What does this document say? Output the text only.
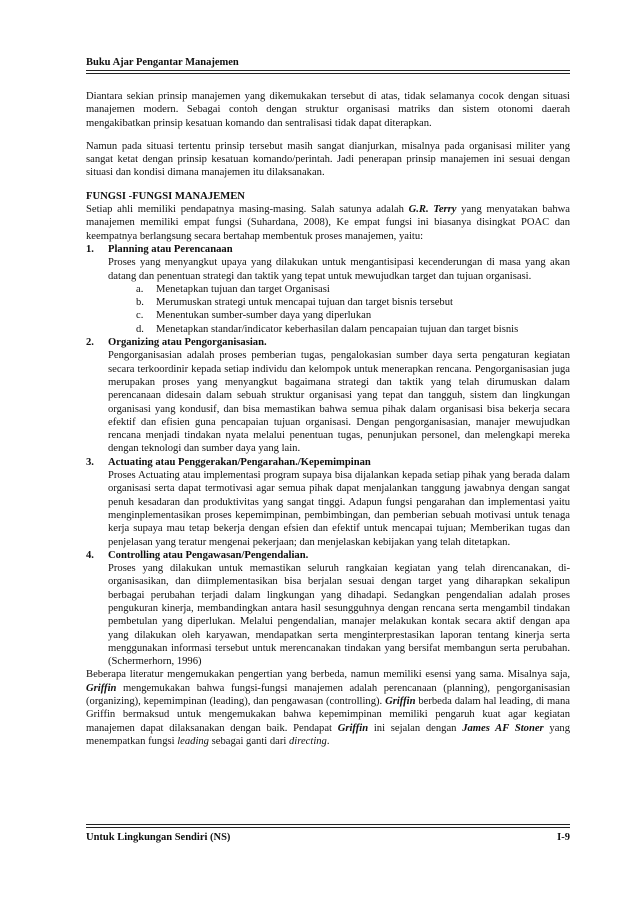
Buku Ajar Pengantar Manajemen

Diantara sekian prinsip manajemen yang dikemukakan tersebut di atas, tidak selamanya cocok dengan situasi manajemen modern. Sebagai contoh dengan struktur organisasi matriks dan sistem otonomi daerah mengakibatkan prinsip kesatuan komando dan sentralisasi tidak dapat diterapkan.

Namun pada situasi tertentu prinsip tersebut masih sangat dianjurkan, misalnya pada organisasi militer yang sangat ketat dengan prinsip kesatuan komando/perintah. Jadi penerapan prinsip manajemen ini sesuai dengan situasi dan kondisi dimana manajemen itu dilaksanakan.

FUNGSI -FUNGSI MANAJEMEN
Setiap ahli memiliki pendapatnya masing-masing. Salah satunya adalah G.R. Terry yang menyatakan bahwa manajemen memiliki empat fungsi (Suhardana, 2008), Ke empat fungsi ini biasanya disingkat POAC dan keempatnya berlangsung secara bertahap membentuk proses manajemen, yaitu:
1. Planning atau Perencanaan
Proses yang menyangkut upaya yang dilakukan untuk mengantisipasi kecenderungan di masa yang akan datang dan penentuan strategi dan taktik yang tepat untuk mewujudkan target dan tujuan organisasi.
a. Menetapkan tujuan dan target Organisasi
b. Merumuskan strategi untuk mencapai tujuan dan target bisnis tersebut
c. Menentukan sumber-sumber daya yang diperlukan
d. Menetapkan standar/indicator keberhasilan dalam pencapaian tujuan dan target bisnis
2. Organizing atau Pengorganisasian.
Pengorganisasian adalah proses pemberian tugas, pengalokasian sumber daya serta pengaturan kegiatan secara terkoordinir kepada setiap individu dan kelompok untuk menerapkan rencana. Pengorganisasian juga merupakan proses yang menyangkut bagaimana strategi dan taktik yang telah dirumuskan dalam perencanaan didesain dalam sebuah struktur organisasi yang tepat dan tangguh, sistem dan lingkungan organisasi yang kondusif, dan bisa memastikan bahwa semua pihak dalam organisasi bisa bekerja secara efektif dan efisien guna pencapaian tujuan organisasi. Dengan pengorganisasian, manajer mewujudkan rencana menjadi tindakan nyata melalui penentuan tugas, penunjukan personel, dan melengkapi mereka dengan teknologi dan sumber daya yang lain.
3. Actuating atau Penggerakan/Pengarahan./Kepemimpinan
Proses Actuating atau implementasi program supaya bisa dijalankan kepada setiap pihak yang berada dalam organisasi serta dapat termotivasi agar semua pihak dapat menjalankan tanggung jawabnya dengan sangat penuh kesadaran dan produktivitas yang sangat tinggi. Adapun fungsi pengarahan dan implementasi yaitu menginplementasikan proses kepemimpinan, pembimbingan, dan pemberian sebuah motivasi untuk tenaga kerja supaya mau tetap bekerja dengan efsien dan efektif untuk mencapai tujuan; Memberikan tugas dan penjelasan yang teratur mengenai pekerjaan; dan menjelaskan kebijakan yang telah ditetapkan.
4. Controlling atau Pengawasan/Pengendalian.
Proses yang dilakukan untuk memastikan seluruh rangkaian kegiatan yang telah direncanakan, di-organisasikan, dan diimplementasikan bisa berjalan sesuai dengan target yang diharapkan sekalipun berbagai perubahan terjadi dalam lingkungan yang dihadapi. Sedangkan pengendalian adalah proses pengukuran kinerja, membandingkan antara hasil sesungguhnya dengan rencana serta mengambil tindakan pembetulan yang diperlukan. Melalui pengendalian, manajer melakukan kontak secara aktif dengan apa yang dilakukan oleh karyawan, mendapatkan serta menginterprestasikan laporan tentang kinerja serta menggunakan informasi tersebut untuk merencanakan tindakan yang bersifat membangun serta perubahan. (Schermerhorn, 1996)

Beberapa literatur mengemukakan pengertian yang berbeda, namun memiliki esensi yang sama. Misalnya saja, Griffin mengemukakan bahwa fungsi-fungsi manajemen adalah perencanaan (planning), pengorganisasian (organizing), kepemimpinan (leading), dan pengawasan (controlling). Griffin berbeda dalam hal leading, di mana Griffin bermaksud untuk mengemukakan bahwa kepemimpinan memiliki pengaruh kuat agar kegiatan manajemen dapat dilaksanakan dengan baik. Pendapat Griffin ini sejalan dengan James AF Stoner yang menempatkan fungsi leading sebagai ganti dari directing.

Untuk Lingkungan Sendiri (NS)	I-9
